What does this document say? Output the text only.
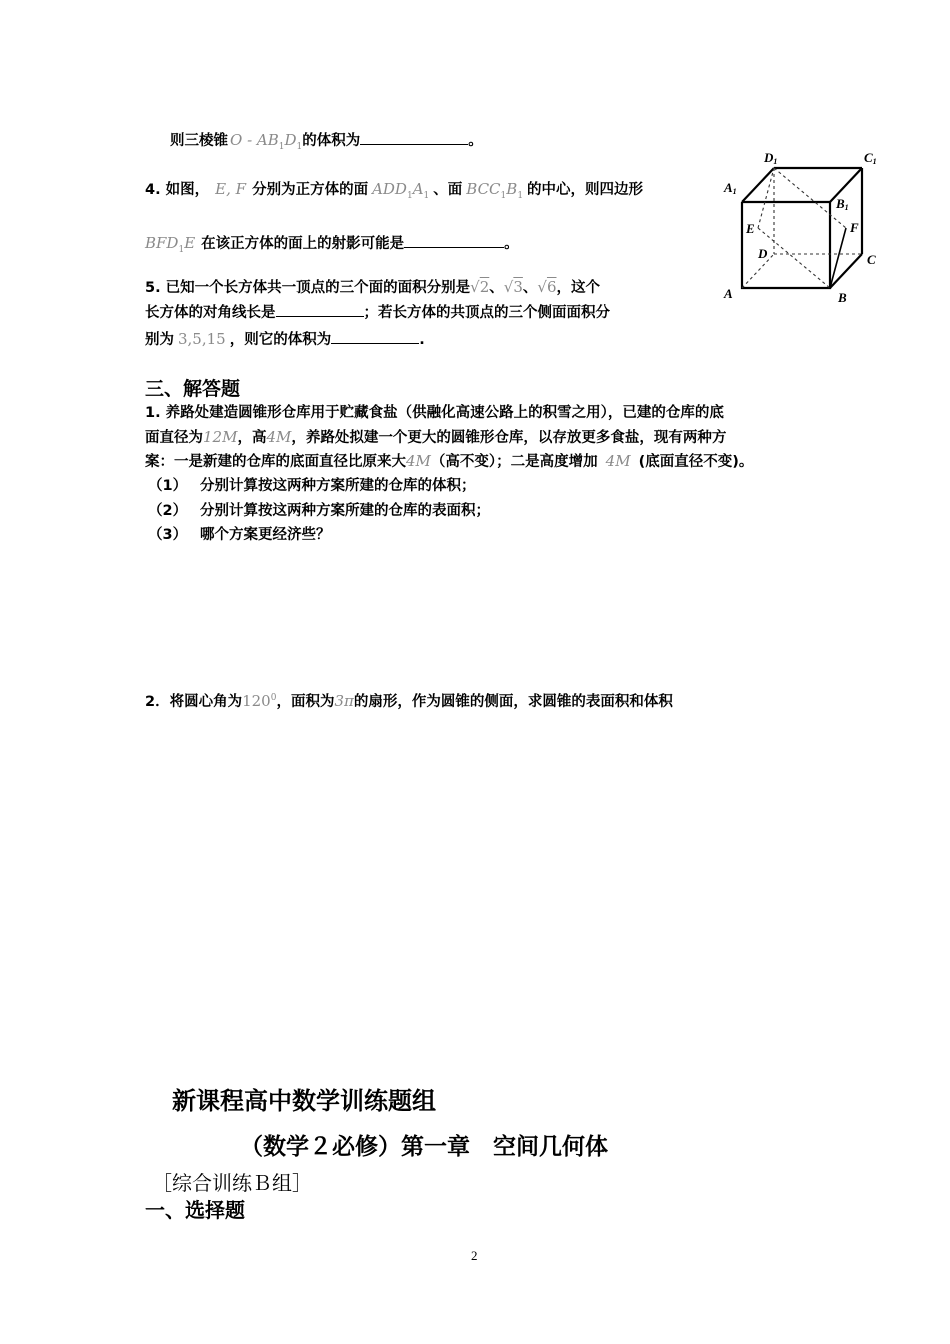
则三棱锥 O - $AB_1D_1$的体积为	。
4. 如图， E, F 分别为正方体的面 $ADD_1A_1$ 、面 $BCC_1B_1$ 的中心，则四边形
$BFD_1E$ 在该正方体的面上的射影可能是	。
5. 已知一个长方体共一顶点的三个面的面积分别是√2、√3、√6，这个
长方体的对角线长是	；若长方体的共顶点的三个侧面面积分
别为 3,5,15 ，则它的体积为	.
D1	C1
A1
B1
E	F
D	C
A	B
三、解答题
1. 养路处建造圆锥形仓库用于贮藏食盐（供融化高速公路上的积雪之用），已建的仓库的底
面直径为12M，高4M，养路处拟建一个更大的圆锥形仓库，以存放更多食盐，现有两种方
案：一是新建的仓库的底面直径比原来大4M（高不变）；二是高度增加 4M (底面直径不变)。
（1） 分别计算按这两种方案所建的仓库的体积；
（2） 分别计算按这两种方案所建的仓库的表面积；
（3） 哪个方案更经济些？
2．将圆心角为$120^0$，面积为3π的扇形，作为圆锥的侧面，求圆锥的表面积和体积
新课程高中数学训练题组
（数学２必修）第一章　空间几何体
［综合训练Ｂ组］
一、选择题
2
